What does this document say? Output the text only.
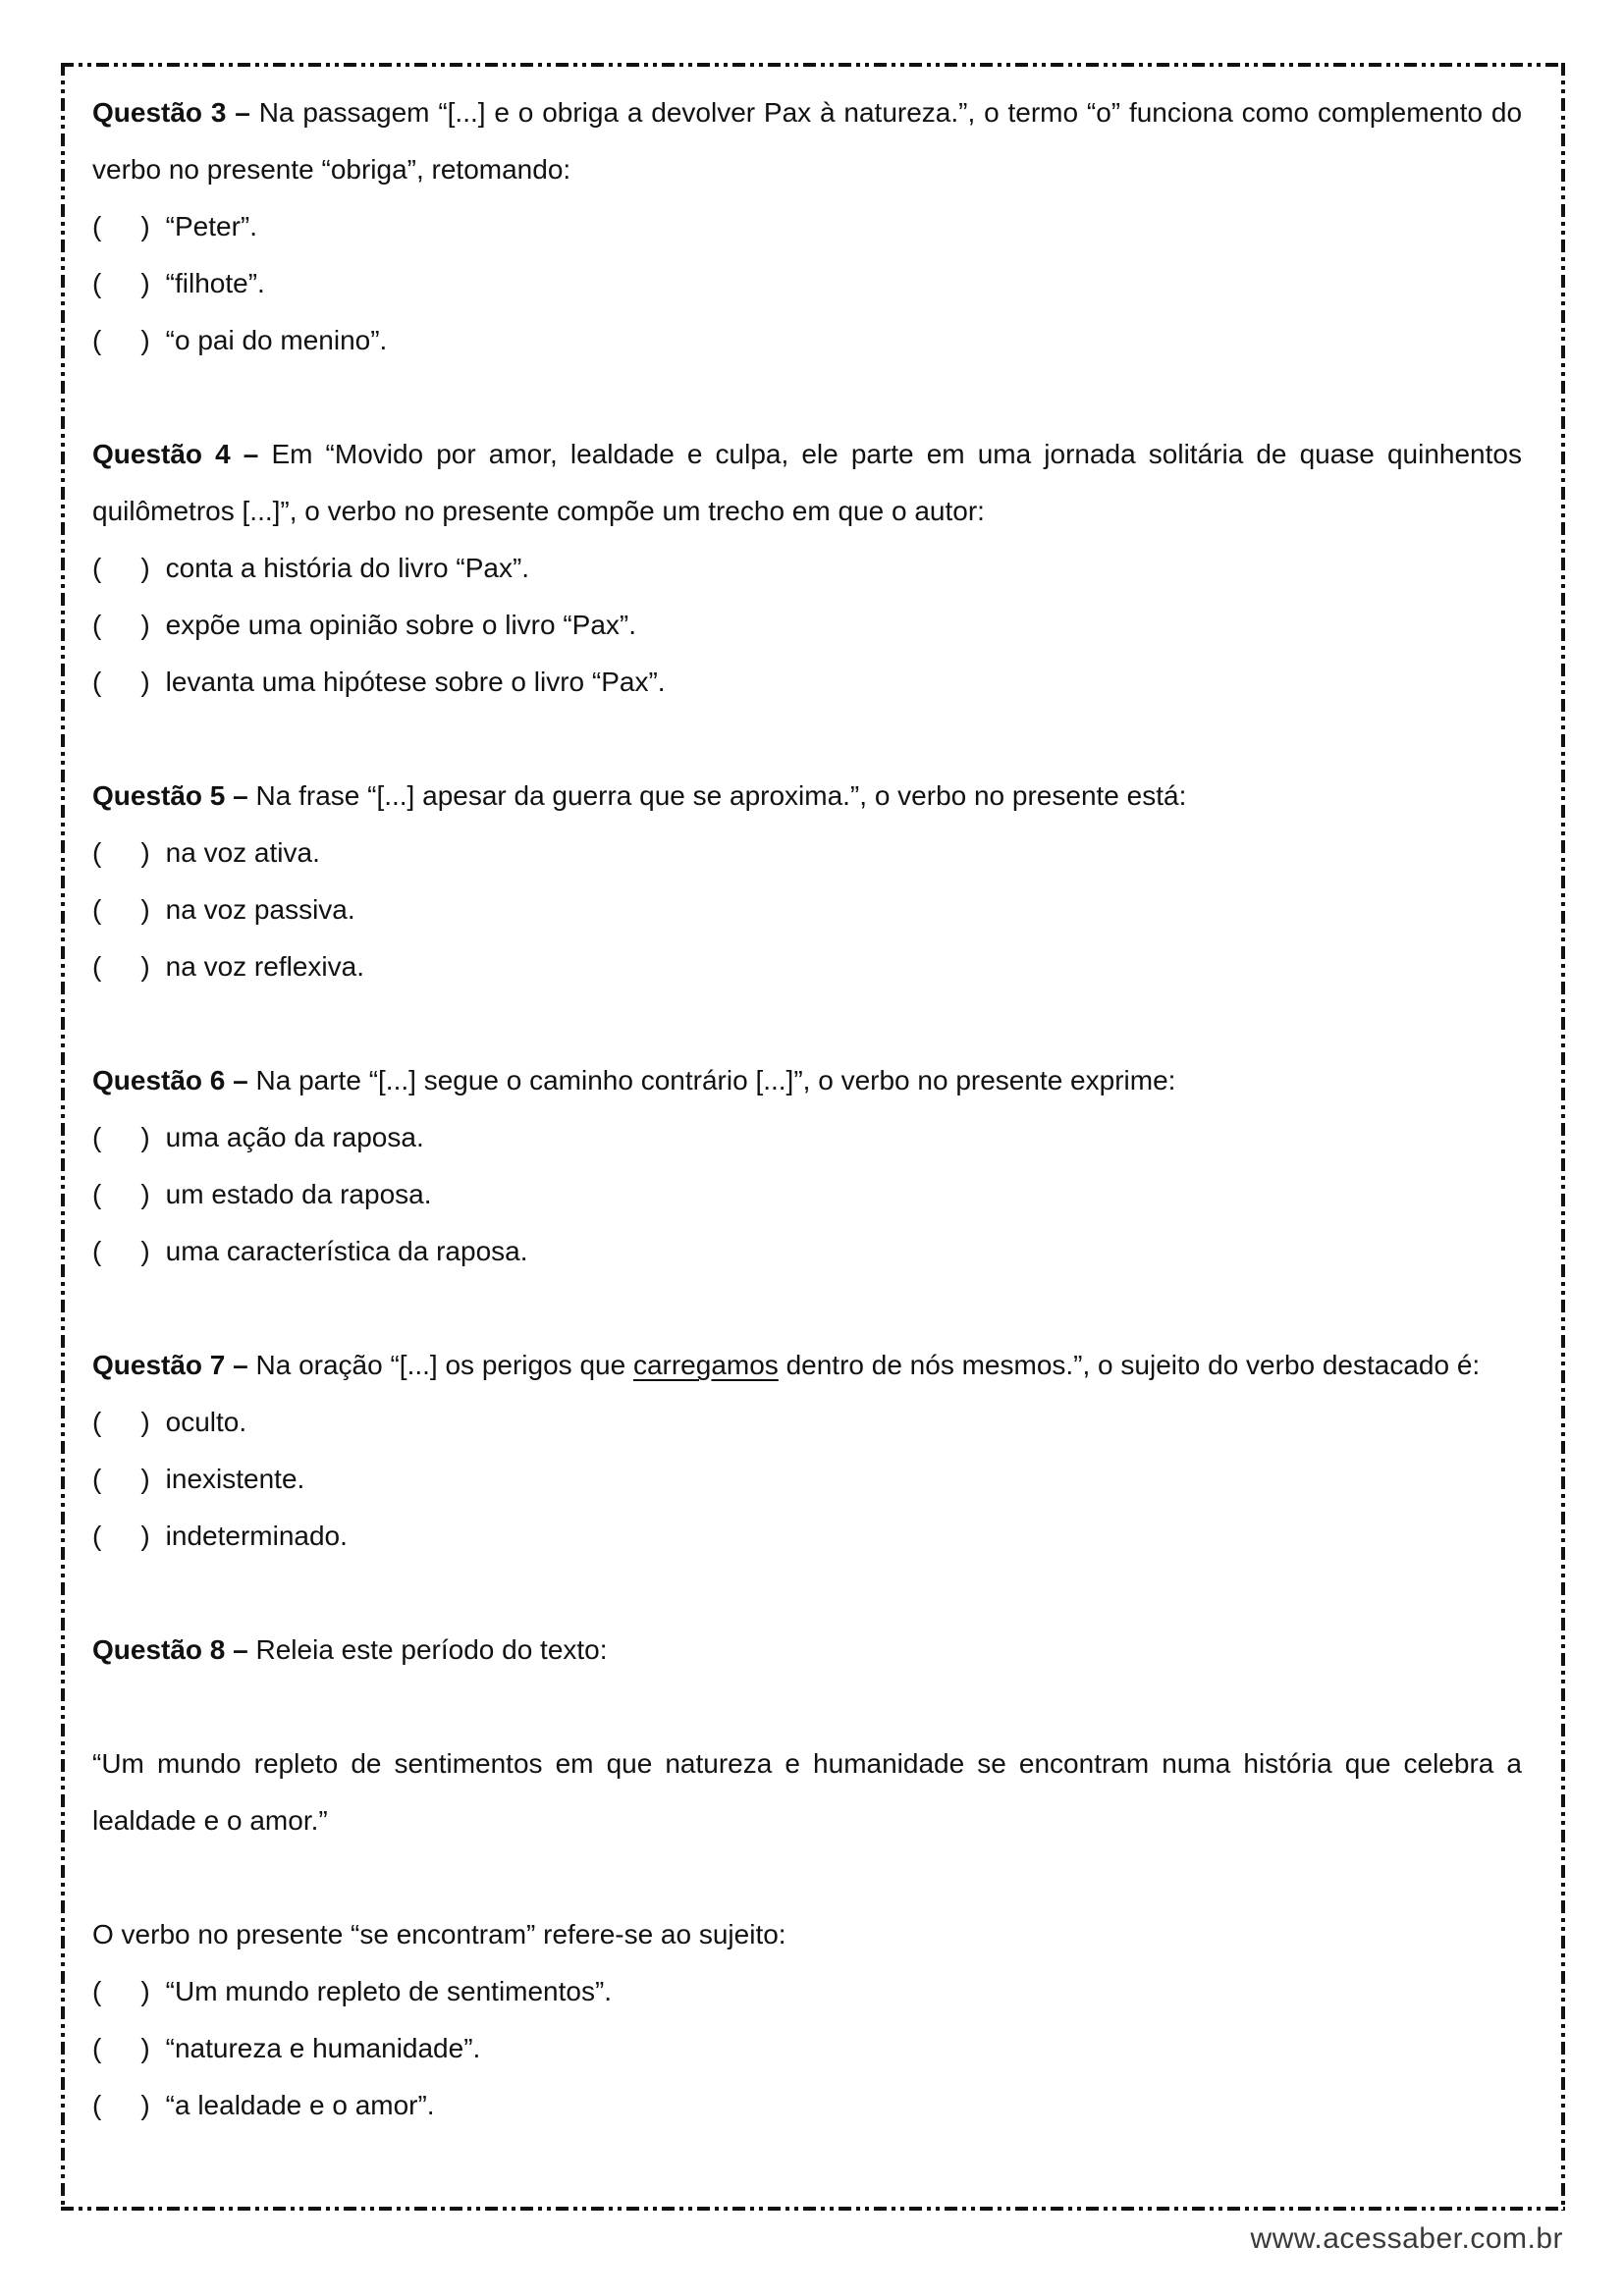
Questão 3 – Na passagem “[...] e o obriga a devolver Pax à natureza.”, o termo “o” funciona como complemento do verbo no presente “obriga”, retomando:

( ) “Peter”.
( ) “filhote”.
( ) “o pai do menino”.

Questão 4 – Em “Movido por amor, lealdade e culpa, ele parte em uma jornada solitária de quase quinhentos quilômetros [...]”, o verbo no presente compõe um trecho em que o autor:

( ) conta a história do livro “Pax”.
( ) expõe uma opinião sobre o livro “Pax”.
( ) levanta uma hipótese sobre o livro “Pax”.

Questão 5 – Na frase “[...] apesar da guerra que se aproxima.”, o verbo no presente está:

( ) na voz ativa.
( ) na voz passiva.
( ) na voz reflexiva.

Questão 6 – Na parte “[...] segue o caminho contrário [...]”, o verbo no presente exprime:

( ) uma ação da raposa.
( ) um estado da raposa.
( ) uma característica da raposa.

Questão 7 – Na oração “[...] os perigos que carregamos dentro de nós mesmos.”, o sujeito do verbo destacado é:

( ) oculto.
( ) inexistente.
( ) indeterminado.

Questão 8 – Releia este período do texto:

“Um mundo repleto de sentimentos em que natureza e humanidade se encontram numa história que celebra a lealdade e o amor.”

O verbo no presente “se encontram” refere-se ao sujeito:

( ) “Um mundo repleto de sentimentos”.
( ) “natureza e humanidade”.
( ) “a lealdade e o amor”.
www.acessaber.com.br
